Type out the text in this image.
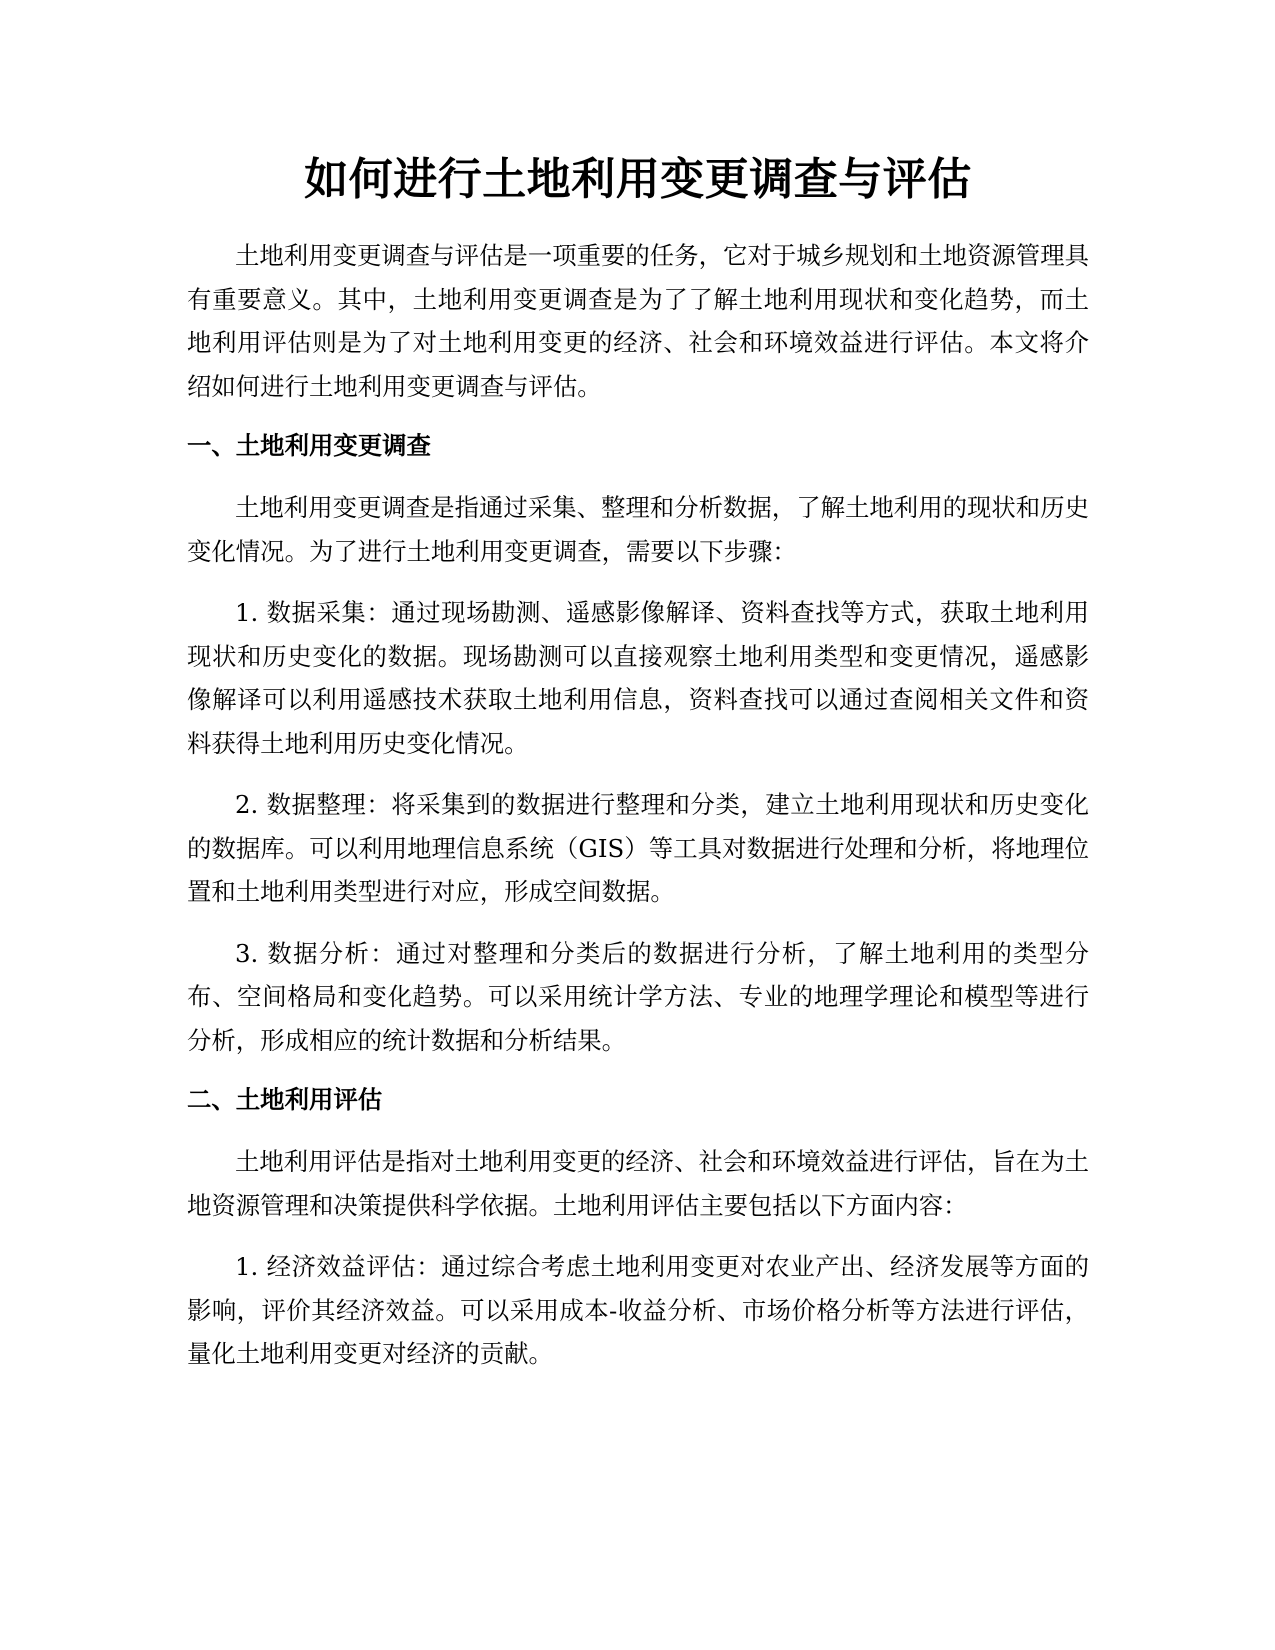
如何进行土地利用变更调查与评估

土地利用变更调查与评估是一项重要的任务，它对于城乡规划和土地资源管理具有重要意义。其中，土地利用变更调查是为了了解土地利用现状和变化趋势，而土地利用评估则是为了对土地利用变更的经济、社会和环境效益进行评估。本文将介绍如何进行土地利用变更调查与评估。

一、土地利用变更调查

土地利用变更调查是指通过采集、整理和分析数据，了解土地利用的现状和历史变化情况。为了进行土地利用变更调查，需要以下步骤：

1. 数据采集：通过现场勘测、遥感影像解译、资料查找等方式，获取土地利用现状和历史变化的数据。现场勘测可以直接观察土地利用类型和变更情况，遥感影像解译可以利用遥感技术获取土地利用信息，资料查找可以通过查阅相关文件和资料获得土地利用历史变化情况。

2. 数据整理：将采集到的数据进行整理和分类，建立土地利用现状和历史变化的数据库。可以利用地理信息系统（GIS）等工具对数据进行处理和分析，将地理位置和土地利用类型进行对应，形成空间数据。

3. 数据分析：通过对整理和分类后的数据进行分析，了解土地利用的类型分布、空间格局和变化趋势。可以采用统计学方法、专业的地理学理论和模型等进行分析，形成相应的统计数据和分析结果。

二、土地利用评估

土地利用评估是指对土地利用变更的经济、社会和环境效益进行评估，旨在为土地资源管理和决策提供科学依据。土地利用评估主要包括以下方面内容：

1. 经济效益评估：通过综合考虑土地利用变更对农业产出、经济发展等方面的影响，评价其经济效益。可以采用成本-收益分析、市场价格分析等方法进行评估，量化土地利用变更对经济的贡献。
